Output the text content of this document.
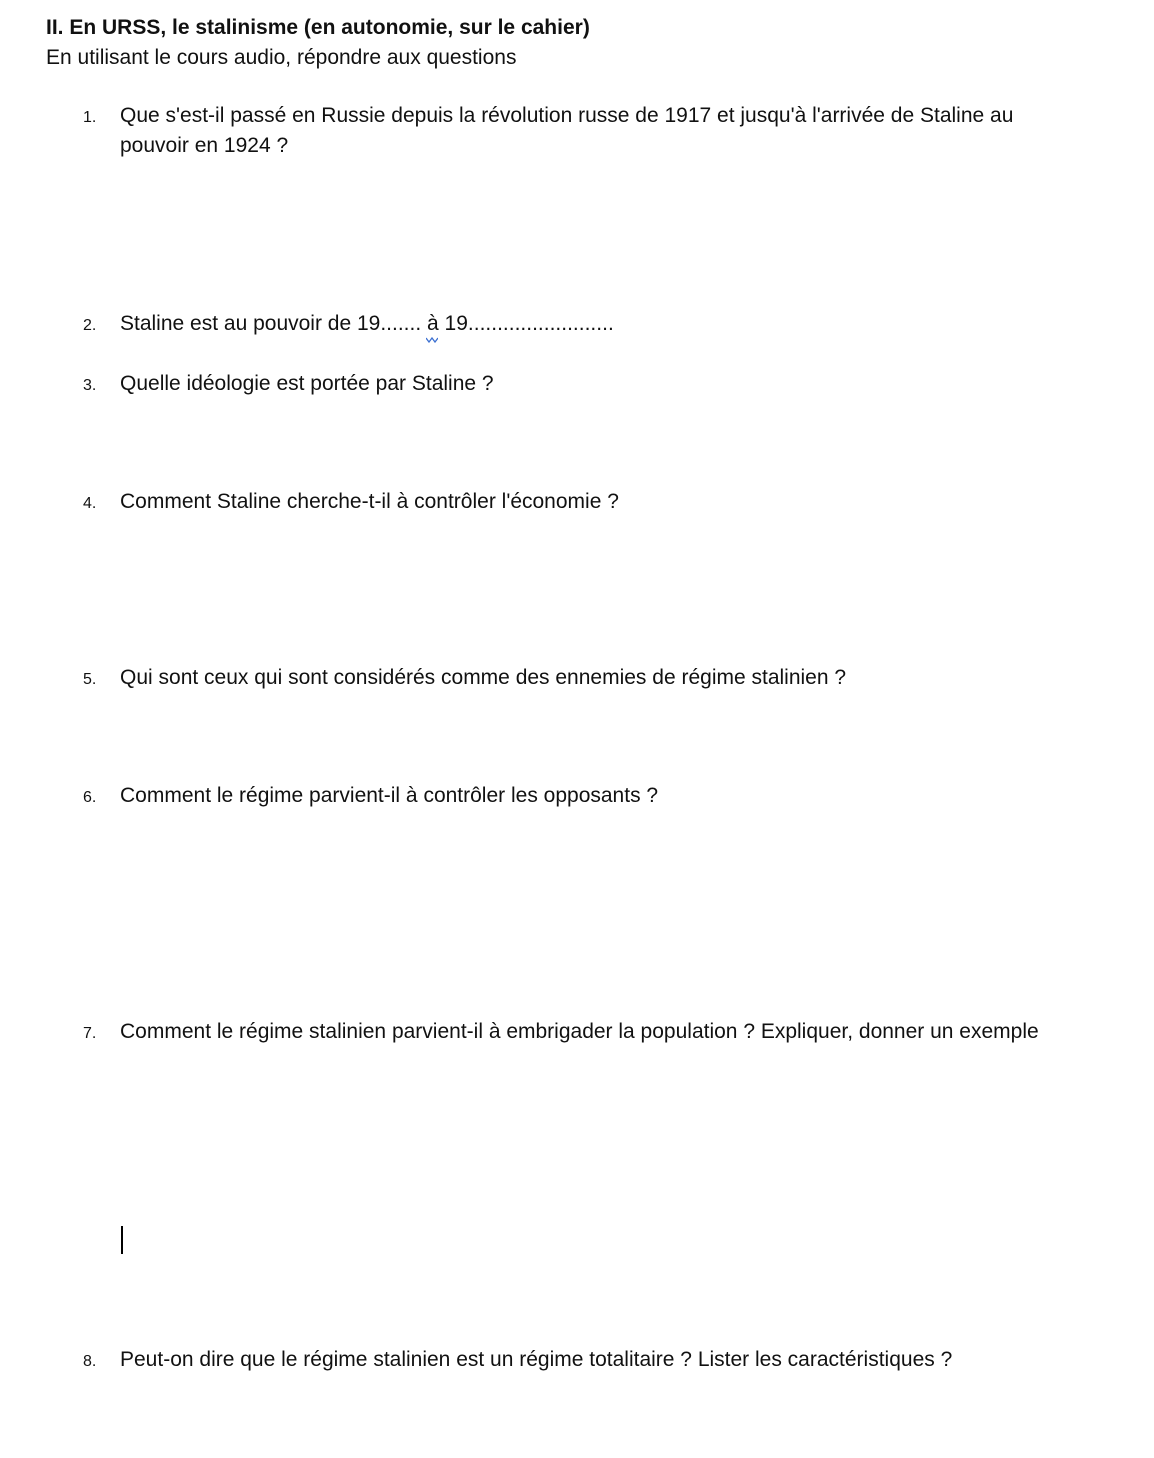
II. En URSS, le stalinisme (en autonomie, sur le cahier)
En utilisant le cours audio, répondre aux questions
1. Que s'est-il passé en Russie depuis la révolution russe de 1917 et jusqu'à l'arrivée de Staline au pouvoir en 1924 ?
2. Staline est au pouvoir de 19....... à
19.........................
3. Quelle idéologie est portée par Staline ?
4. Comment Staline cherche-t-il à contrôler l'économie ?
5. Qui sont ceux qui sont considérés comme des ennemies de régime stalinien ?
6. Comment le régime parvient-il à contrôler les opposants ?
7. Comment le régime stalinien parvient-il à embrigader la population ? Expliquer, donner un exemple
8. Peut-on dire que le régime stalinien est un régime totalitaire ? Lister les caractéristiques ?
